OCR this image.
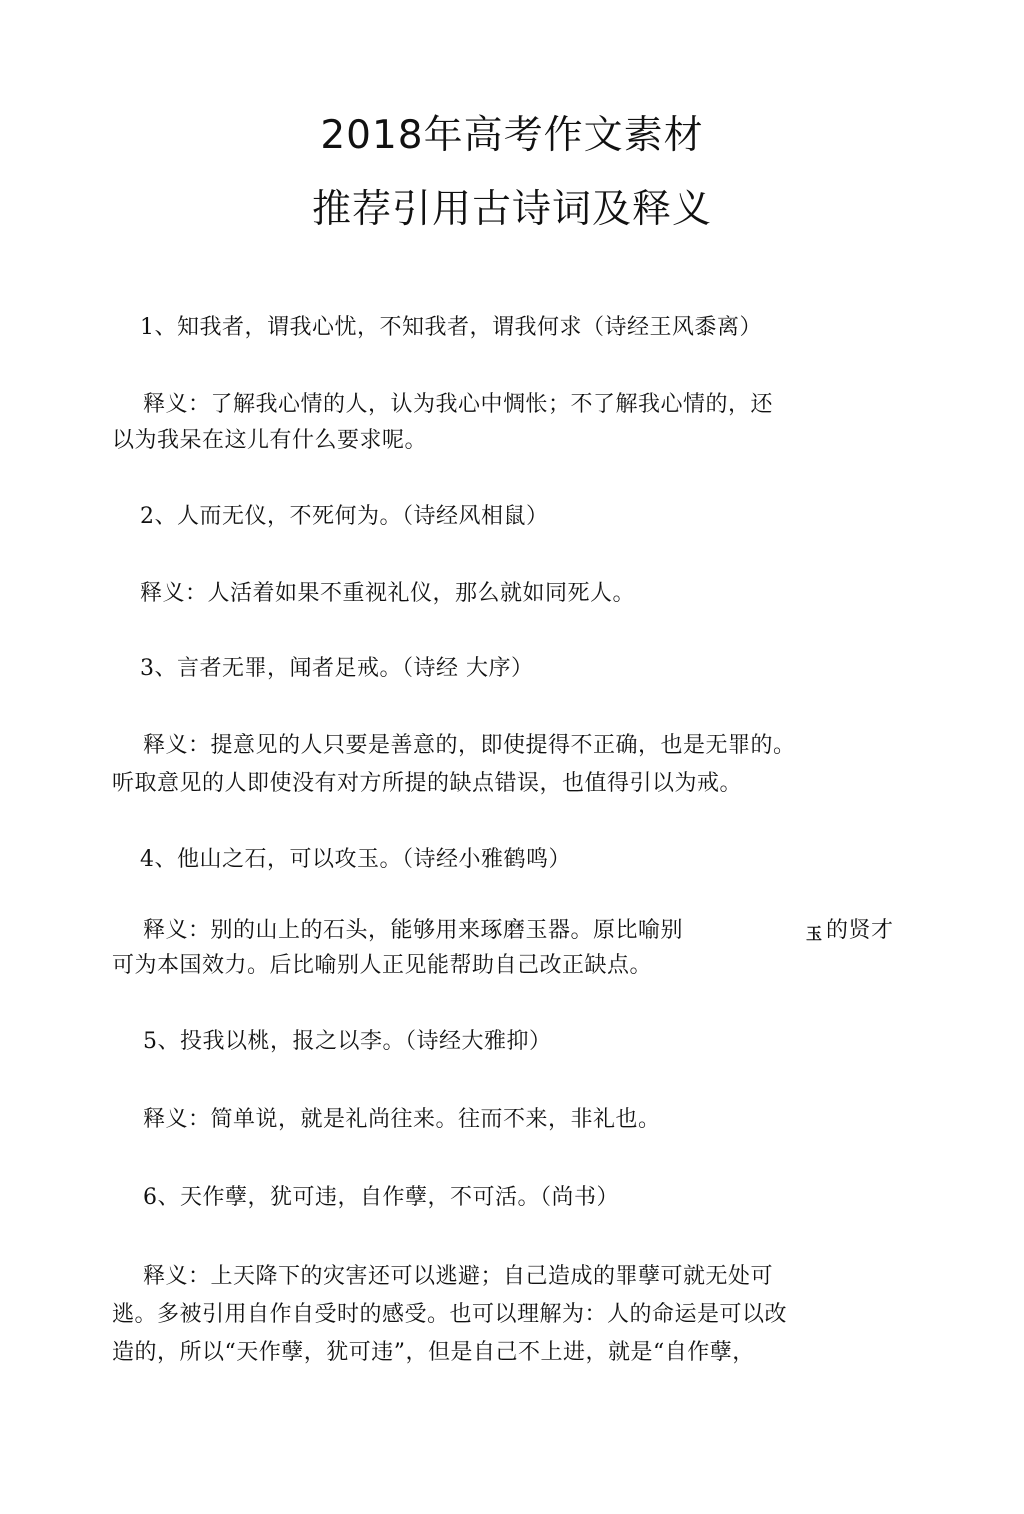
2018年高考作文素材
推荐引用古诗词及释义
1、知我者，谓我心忧，不知我者，谓我何求（诗经王风黍离）
释义：了解我心情的人，认为我心中惆怅；不了解我心情的，还
以为我呆在这儿有什么要求呢。
2、人而无仪，不死何为。（诗经风相鼠）
释义：人活着如果不重视礼仪，那么就如同死人。
3、言者无罪，闻者足戒。（诗经 大序）
释义：提意见的人只要是善意的，即使提得不正确，也是无罪的。
听取意见的人即使没有对方所提的缺点错误，也值得引以为戒。
4、他山之石，可以攻玉。（诗经小雅鹤鸣）
释义：别的山上的石头，能够用来琢磨玉器。原比喻别	玉 的贤才
可为本国效力。后比喻别人正见能帮助自己改正缺点。
5、投我以桃，报之以李。（诗经大雅抑）
释义：简单说，就是礼尚往来。往而不来，非礼也。
6、天作孽，犹可违，自作孽，不可活。（尚书）
释义：上天降下的灾害还可以逃避；自己造成的罪孽可就无处可
逃。多被引用自作自受时的感受。也可以理解为：人的命运是可以改
造的，所以“天作孽，犹可违”，但是自己不上进，就是“自作孽，
